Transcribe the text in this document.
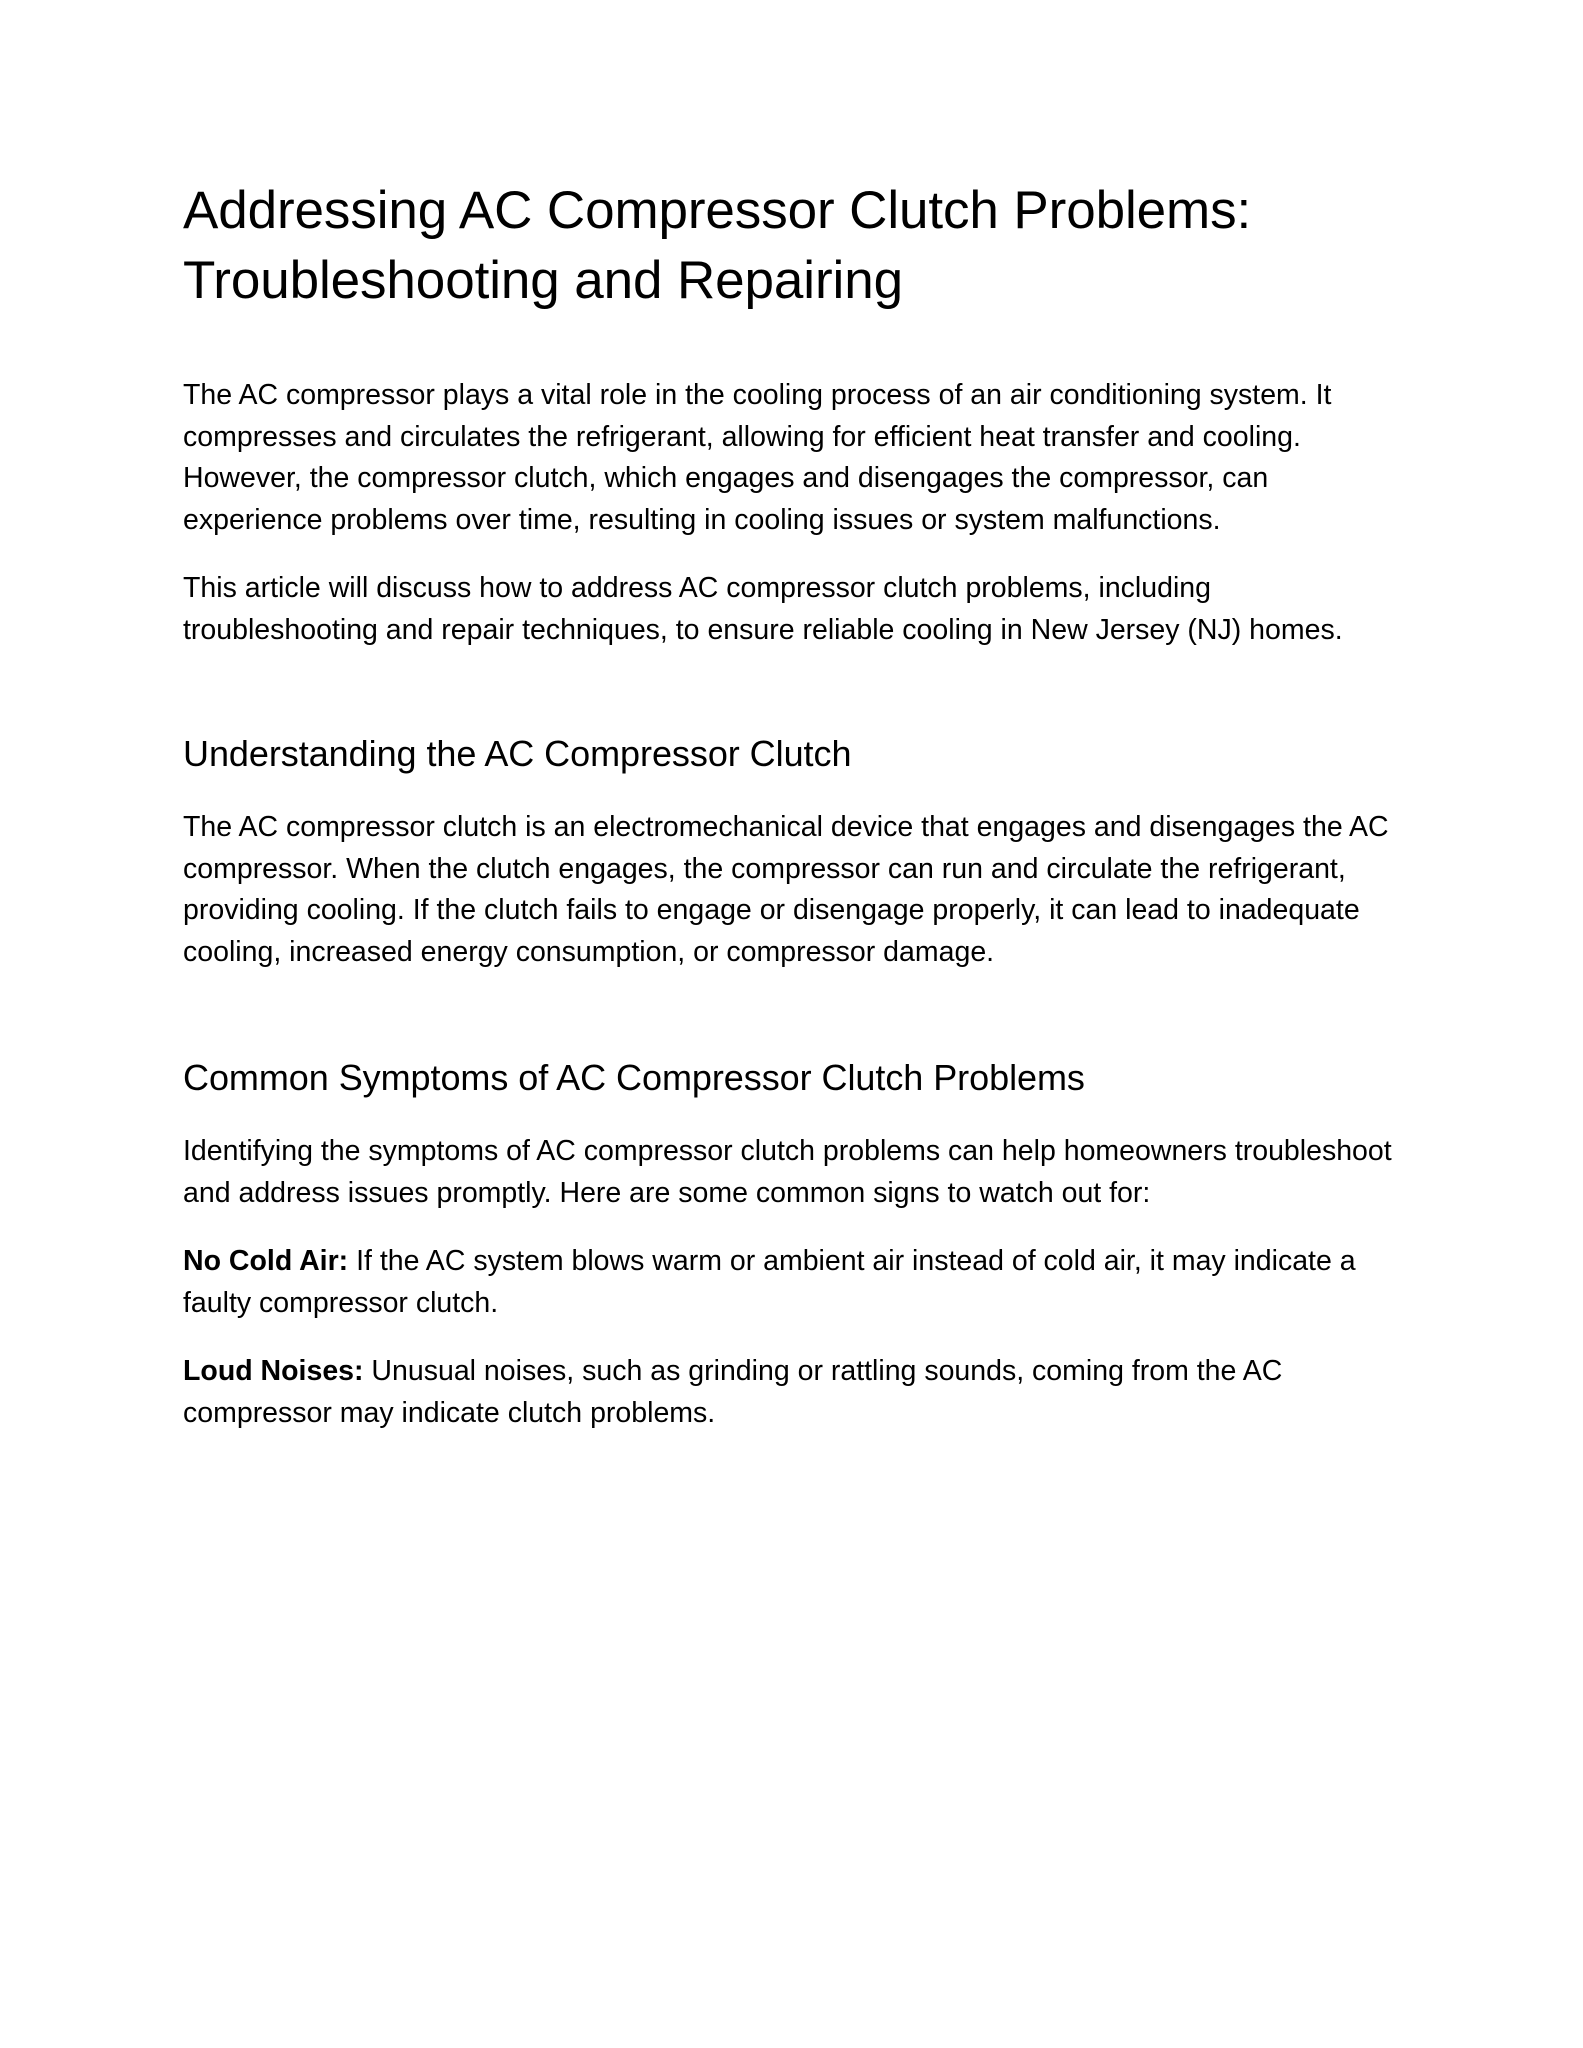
Addressing AC Compressor Clutch Problems: Troubleshooting and Repairing

The AC compressor plays a vital role in the cooling process of an air conditioning system. It compresses and circulates the refrigerant, allowing for efficient heat transfer and cooling. However, the compressor clutch, which engages and disengages the compressor, can experience problems over time, resulting in cooling issues or system malfunctions.

This article will discuss how to address AC compressor clutch problems, including troubleshooting and repair techniques, to ensure reliable cooling in New Jersey (NJ) homes.

Understanding the AC Compressor Clutch

The AC compressor clutch is an electromechanical device that engages and disengages the AC compressor. When the clutch engages, the compressor can run and circulate the refrigerant, providing cooling. If the clutch fails to engage or disengage properly, it can lead to inadequate cooling, increased energy consumption, or compressor damage.

Common Symptoms of AC Compressor Clutch Problems

Identifying the symptoms of AC compressor clutch problems can help homeowners troubleshoot and address issues promptly. Here are some common signs to watch out for:

No Cold Air: If the AC system blows warm or ambient air instead of cold air, it may indicate a faulty compressor clutch.

Loud Noises: Unusual noises, such as grinding or rattling sounds, coming from the AC compressor may indicate clutch problems.
